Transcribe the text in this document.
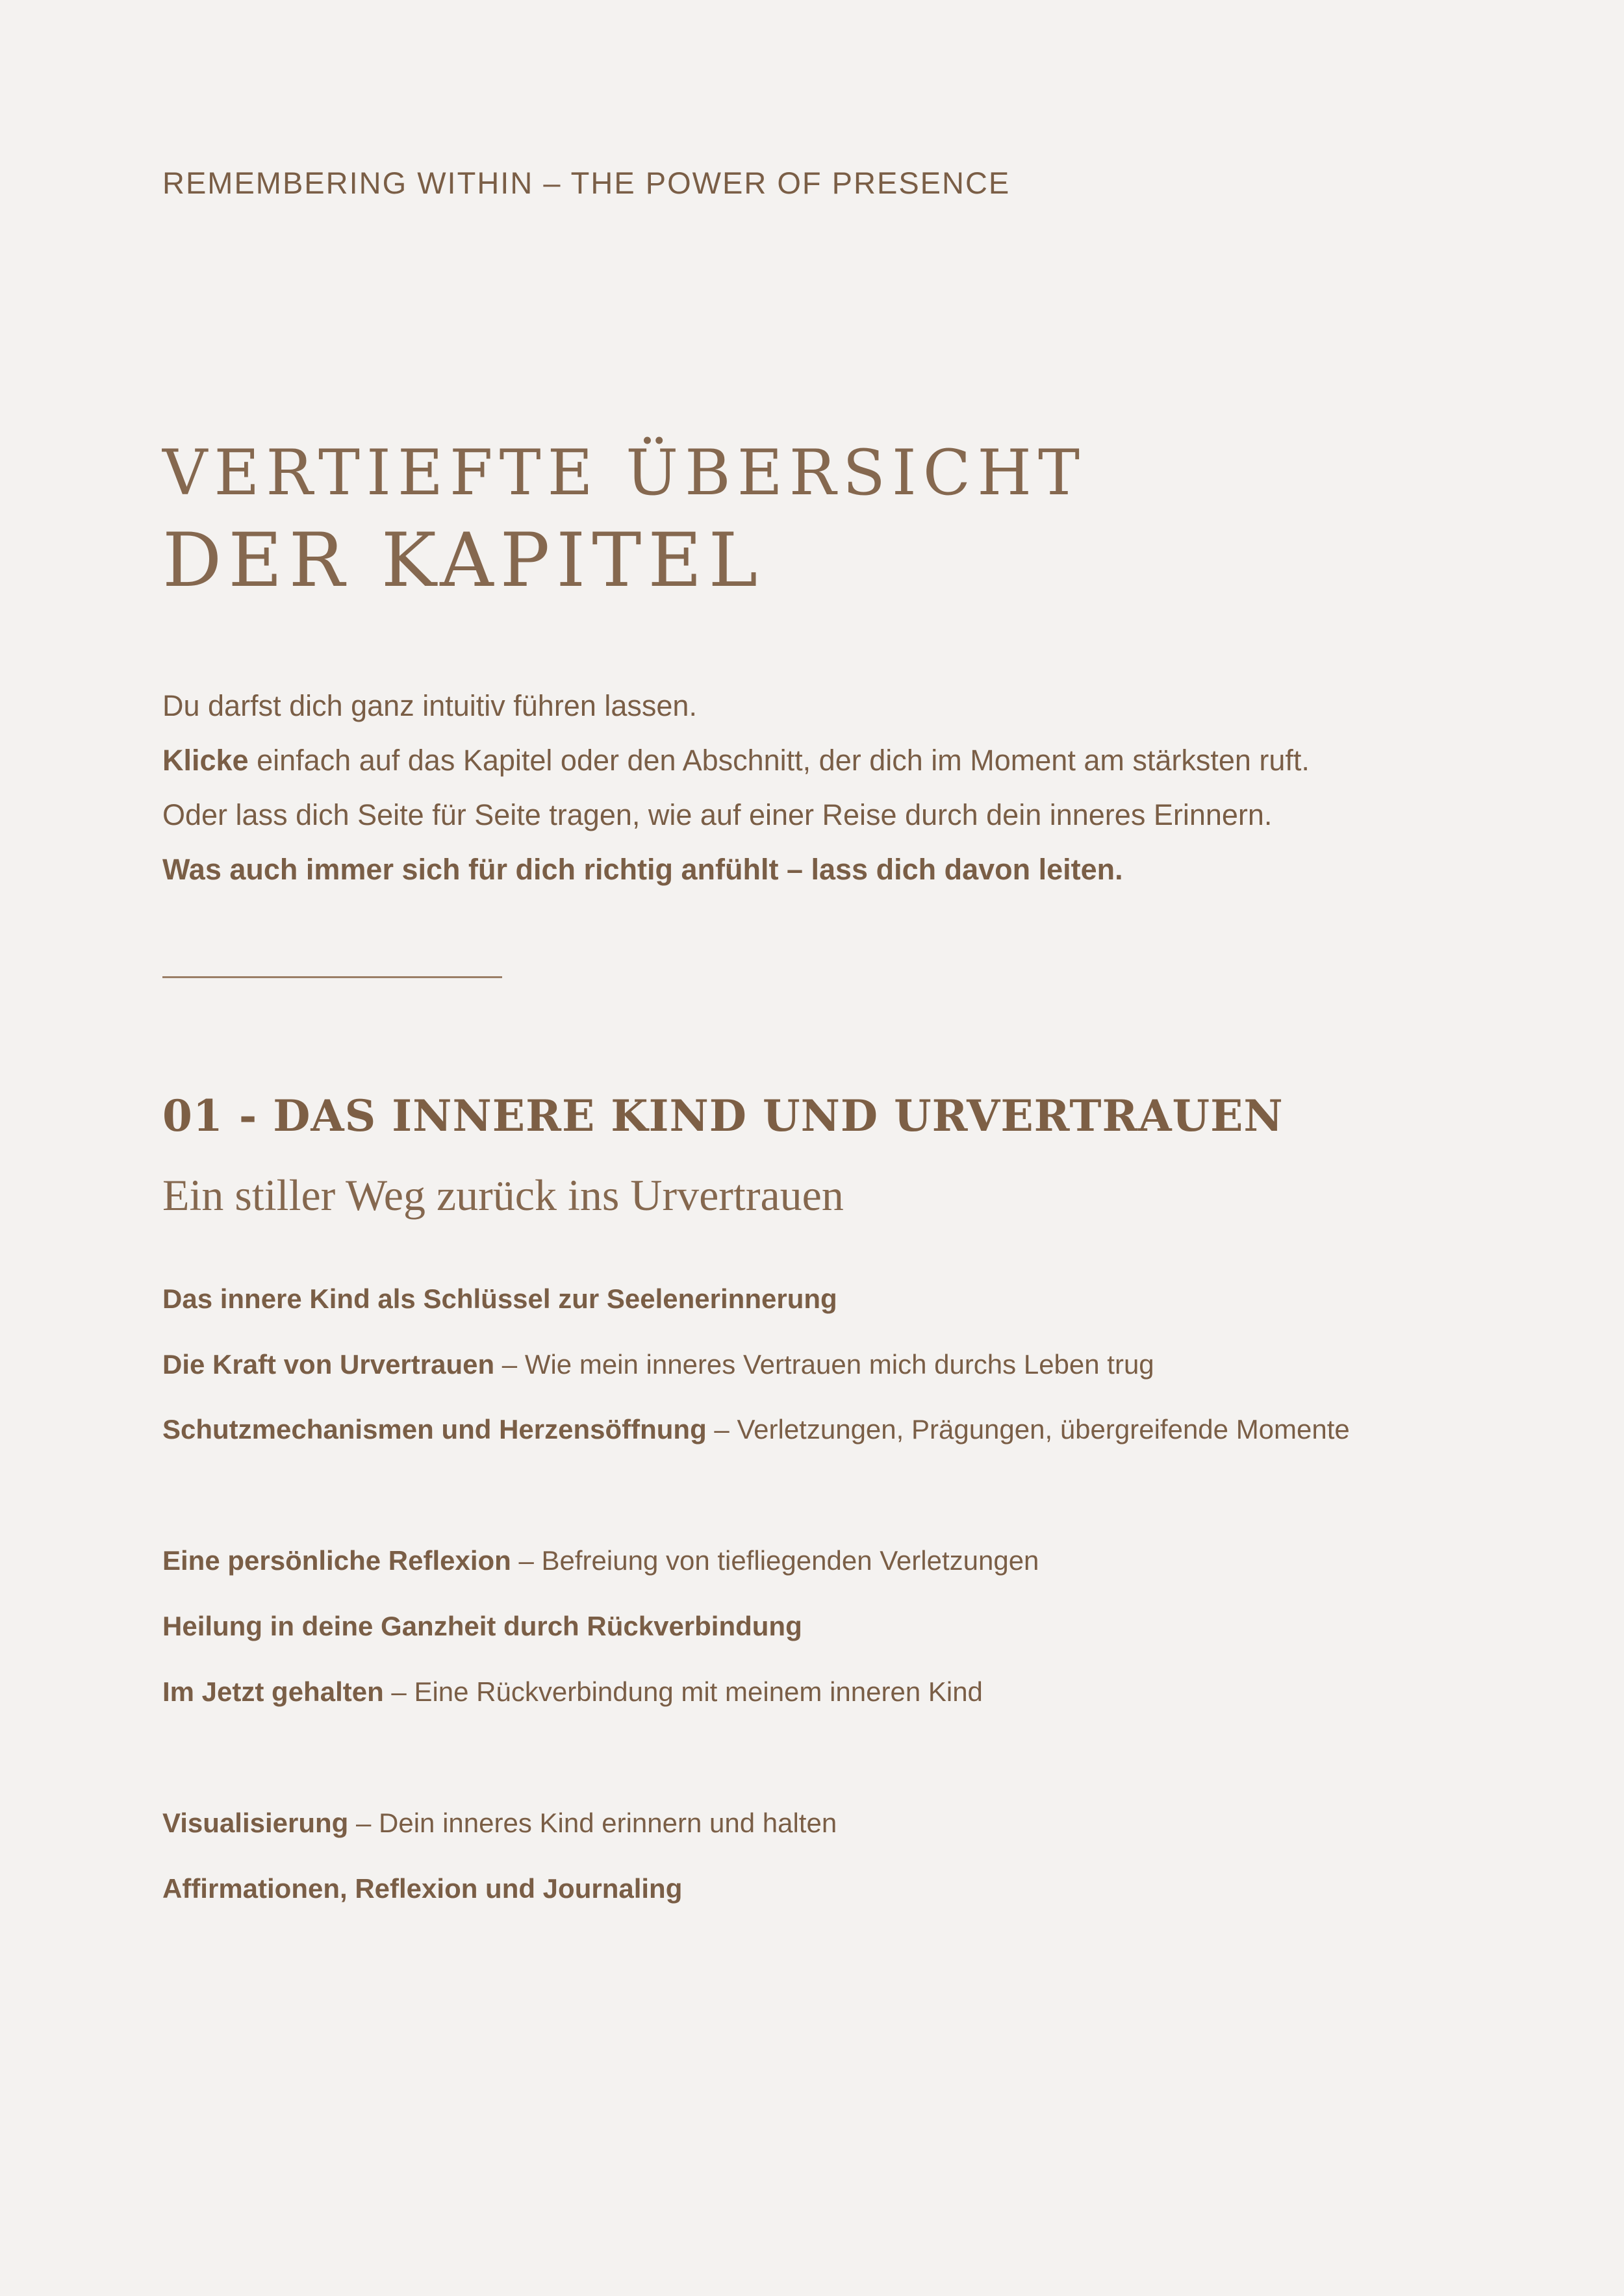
REMEMBERING WITHIN – THE POWER OF PRESENCE
VERTIEFTE ÜBERSICHT
DER KAPITEL

Du darfst dich ganz intuitiv führen lassen.

Klicke einfach auf das Kapitel oder den Abschnitt, der dich im Moment am stärksten ruft.

Oder lass dich Seite für Seite tragen, wie auf einer Reise durch dein inneres Erinnern.

Was auch immer sich für dich richtig anfühlt – lass dich davon leiten.

01 - DAS INNERE KIND UND URVERTRAUEN
Ein stiller Weg zurück ins Urvertrauen
Das innere Kind als Schlüssel zur Seelenerinnerung
Die Kraft von Urvertrauen – Wie mein inneres Vertrauen mich durchs Leben trug
Schutzmechanismen und Herzensöffnung – Verletzungen, Prägungen, übergreifende Momente
Eine persönliche Reflexion – Befreiung von tiefliegenden Verletzungen
Heilung in deine Ganzheit durch Rückverbindung
Im Jetzt gehalten – Eine Rückverbindung mit meinem inneren Kind
Visualisierung – Dein inneres Kind erinnern und halten
Affirmationen, Reflexion und Journaling
